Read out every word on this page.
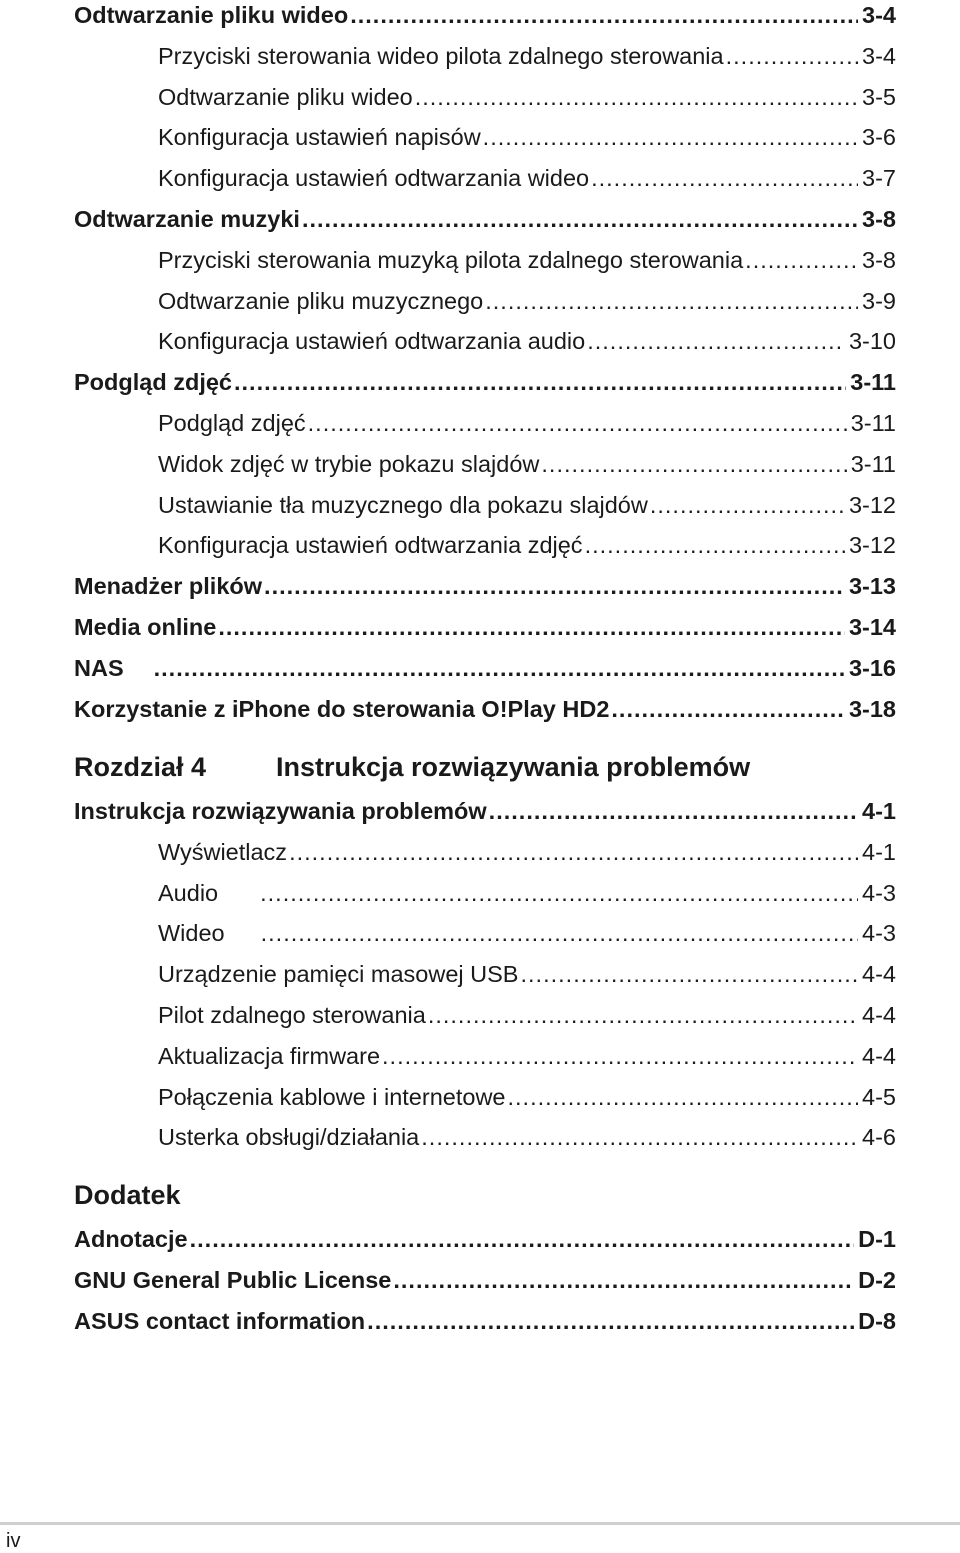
Odtwarzanie pliku wideo .....	3-4
Przyciski sterowania wideo pilota zdalnego sterowania .....	3-4
Odtwarzanie pliku wideo .....	3-5
Konfiguracja ustawień napisów .....	3-6
Konfiguracja ustawień odtwarzania wideo .....	3-7
Odtwarzanie muzyki .....	3-8
Przyciski sterowania muzyką pilota zdalnego sterowania .....	3-8
Odtwarzanie pliku muzycznego .....	3-9
Konfiguracja ustawień odtwarzania audio .....	3-10
Podgląd zdjęć .....	3-11
Podgląd zdjęć .....	3-11
Widok zdjęć w trybie pokazu slajdów .....	3-11
Ustawianie tła muzycznego dla pokazu slajdów .....	3-12
Konfiguracja ustawień odtwarzania zdjęć .....	3-12
Menadżer plików .....	3-13
Media online .....	3-14
NAS .....	3-16
Korzystanie z iPhone do sterowania O!Play HD2 .....	3-18
Rozdział 4	Instrukcja rozwiązywania problemów
Instrukcja rozwiązywania problemów .....	4-1
Wyświetlacz .....	4-1
Audio .....	4-3
Wideo .....	4-3
Urządzenie pamięci masowej USB .....	4-4
Pilot zdalnego sterowania .....	4-4
Aktualizacja firmware .....	4-4
Połączenia kablowe i internetowe .....	4-5
Usterka obsługi/działania .....	4-6
Dodatek
Adnotacje .....	D-1
GNU General Public License .....	D-2
ASUS contact information .....	D-8
iv
